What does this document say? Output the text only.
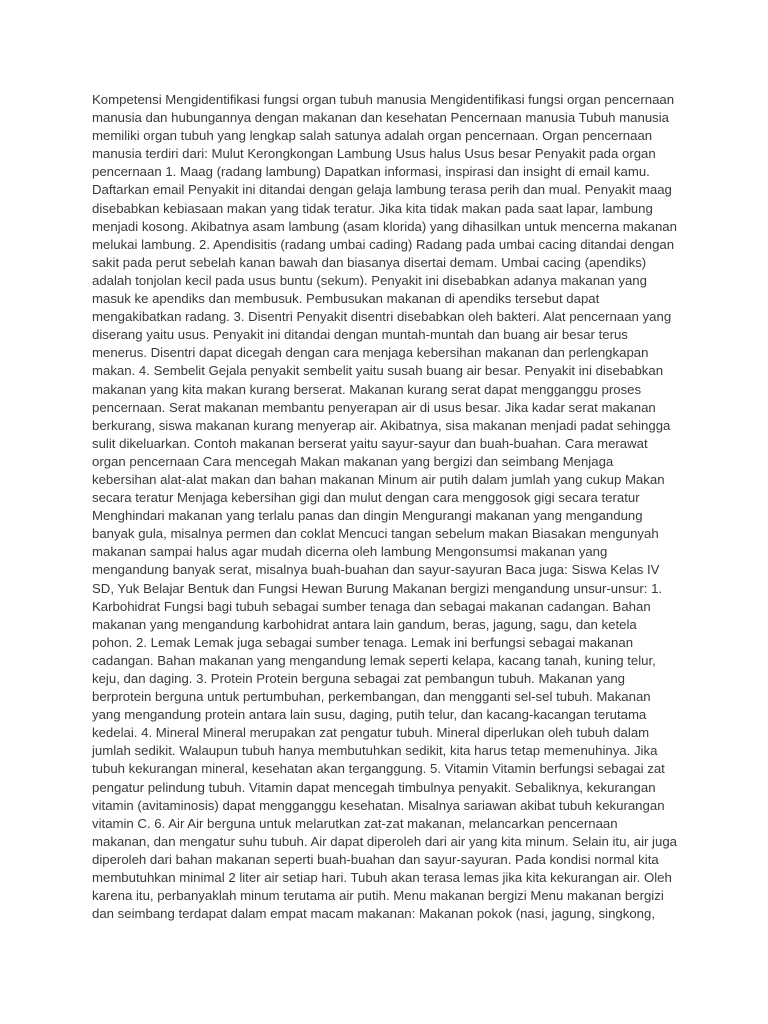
Kompetensi Mengidentifikasi fungsi organ tubuh manusia Mengidentifikasi fungsi organ pencernaan
manusia dan hubungannya dengan makanan dan kesehatan Pencernaan manusia Tubuh manusia
memiliki organ tubuh yang lengkap salah satunya adalah organ pencernaan. Organ pencernaan
manusia terdiri dari: Mulut Kerongkongan Lambung Usus halus Usus besar Penyakit pada organ
pencernaan 1. Maag (radang lambung) Dapatkan informasi, inspirasi dan insight di email kamu.
Daftarkan email Penyakit ini ditandai dengan gelaja lambung terasa perih dan mual. Penyakit maag
disebabkan kebiasaan makan yang tidak teratur. Jika kita tidak makan pada saat lapar, lambung
menjadi kosong. Akibatnya asam lambung (asam klorida) yang dihasilkan untuk mencerna makanan
melukai lambung. 2. Apendisitis (radang umbai cading) Radang pada umbai cacing ditandai dengan
sakit pada perut sebelah kanan bawah dan biasanya disertai demam. Umbai cacing (apendiks)
adalah tonjolan kecil pada usus buntu (sekum). Penyakit ini disebabkan adanya makanan yang
masuk ke apendiks dan membusuk. Pembusukan makanan di apendiks tersebut dapat
mengakibatkan radang. 3. Disentri Penyakit disentri disebabkan oleh bakteri. Alat pencernaan yang
diserang yaitu usus. Penyakit ini ditandai dengan muntah-muntah dan buang air besar terus
menerus. Disentri dapat dicegah dengan cara menjaga kebersihan makanan dan perlengkapan
makan. 4. Sembelit Gejala penyakit sembelit yaitu susah buang air besar. Penyakit ini disebabkan
makanan yang kita makan kurang berserat. Makanan kurang serat dapat mengganggu proses
pencernaan. Serat makanan membantu penyerapan air di usus besar. Jika kadar serat makanan
berkurang, siswa makanan kurang menyerap air. Akibatnya, sisa makanan menjadi padat sehingga
sulit dikeluarkan. Contoh makanan berserat yaitu sayur-sayur dan buah-buahan. Cara merawat
organ pencernaan Cara mencegah Makan makanan yang bergizi dan seimbang Menjaga
kebersihan alat-alat makan dan bahan makanan Minum air putih dalam jumlah yang cukup Makan
secara teratur Menjaga kebersihan gigi dan mulut dengan cara menggosok gigi secara teratur
Menghindari makanan yang terlalu panas dan dingin Mengurangi makanan yang mengandung
banyak gula, misalnya permen dan coklat Mencuci tangan sebelum makan Biasakan mengunyah
makanan sampai halus agar mudah dicerna oleh lambung Mengonsumsi makanan yang
mengandung banyak serat, misalnya buah-buahan dan sayur-sayuran Baca juga: Siswa Kelas IV
SD, Yuk Belajar Bentuk dan Fungsi Hewan Burung Makanan bergizi mengandung unsur-unsur: 1.
Karbohidrat Fungsi bagi tubuh sebagai sumber tenaga dan sebagai makanan cadangan. Bahan
makanan yang mengandung karbohidrat antara lain gandum, beras, jagung, sagu, dan ketela
pohon. 2. Lemak Lemak juga sebagai sumber tenaga. Lemak ini berfungsi sebagai makanan
cadangan. Bahan makanan yang mengandung lemak seperti kelapa, kacang tanah, kuning telur,
keju, dan daging. 3. Protein Protein berguna sebagai zat pembangun tubuh. Makanan yang
berprotein berguna untuk pertumbuhan, perkembangan, dan mengganti sel-sel tubuh. Makanan
yang mengandung protein antara lain susu, daging, putih telur, dan kacang-kacangan terutama
kedelai. 4. Mineral Mineral merupakan zat pengatur tubuh. Mineral diperlukan oleh tubuh dalam
jumlah sedikit. Walaupun tubuh hanya membutuhkan sedikit, kita harus tetap memenuhinya. Jika
tubuh kekurangan mineral, kesehatan akan terganggung. 5. Vitamin Vitamin berfungsi sebagai zat
pengatur pelindung tubuh. Vitamin dapat mencegah timbulnya penyakit. Sebaliknya, kekurangan
vitamin (avitaminosis) dapat mengganggu kesehatan. Misalnya sariawan akibat tubuh kekurangan
vitamin C. 6. Air Air berguna untuk melarutkan zat-zat makanan, melancarkan pencernaan
makanan, dan mengatur suhu tubuh. Air dapat diperoleh dari air yang kita minum. Selain itu, air juga
diperoleh dari bahan makanan seperti buah-buahan dan sayur-sayuran. Pada kondisi normal kita
membutuhkan minimal 2 liter air setiap hari. Tubuh akan terasa lemas jika kita kekurangan air. Oleh
karena itu, perbanyaklah minum terutama air putih. Menu makanan bergizi Menu makanan bergizi
dan seimbang terdapat dalam empat macam makanan: Makanan pokok (nasi, jagung, singkong,
